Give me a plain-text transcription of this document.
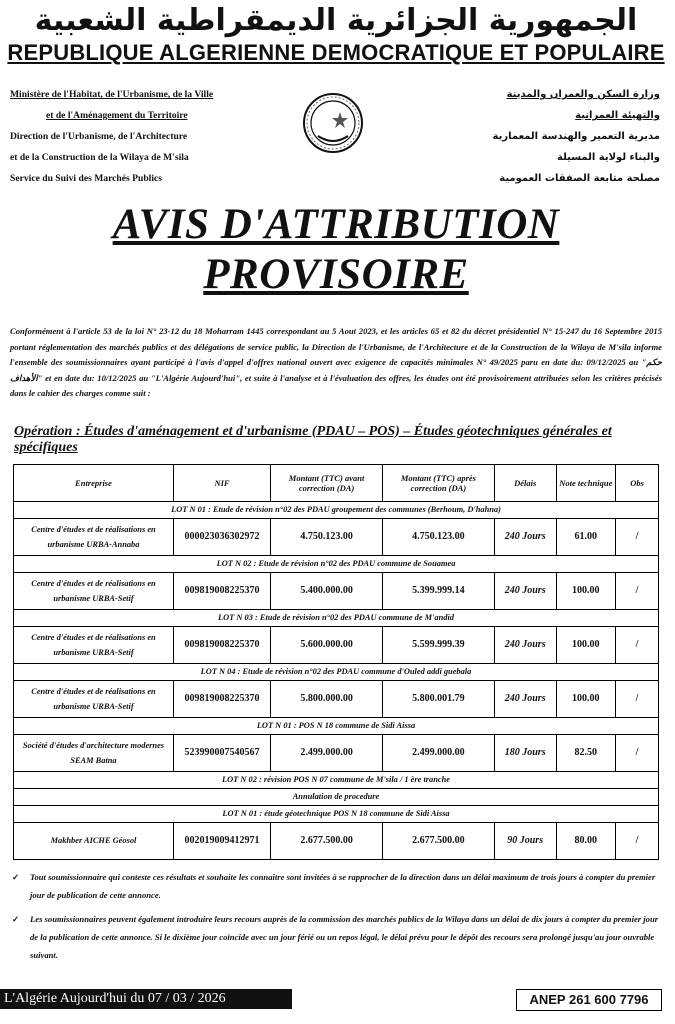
الجمهورية الجزائرية الديمقراطية الشعبية
REPUBLIQUE ALGERIENNE DEMOCRATIQUE ET POPULAIRE
Ministère de l'Habitat, de l'Urbanisme, de la Ville
et de l'Aménagement du Territoire
Direction de l'Urbanisme, de l'Architecture
et de la Construction de la Wilaya de M'sila
Service du Suivi des Marchés Publics
وزارة السكن والعمران والمدينة
والتهيئة العمرانية
مديرية التعمير والهندسة المعمارية
والبناء لولاية المسيلة
مصلحة متابعة الصفقات العمومية
AVIS D'ATTRIBUTION PROVISOIRE
Conformément à l'article 53 de la loi N° 23-12 du 18 Moharram 1445 correspondant au 5 Aout 2023, et les articles 65 et 82 du décret présidentiel N° 15-247 du 16 Septembre 2015 portant réglementation des marchés publics et des délégations de service public, la Direction de l'Urbanisme, de l'Architecture et de la Construction de la Wilaya de M'sila informe l'ensemble des soumissionnaires ayant participé à l'avis d'appel d'offres national ouvert avec exigence de capacités minimales N° 49/2025 paru en date du: 09/12/2025 au "حكم الأهداف" et en date du: 10/12/2025 au "L'Algérie Aujourd'hui", et suite à l'analyse et à l'évaluation des offres, les études ont été provisoirement attribuées selon les critères précisés dans le cahier des charges comme suit :
Opération : Études d'aménagement et d'urbanisme (PDAU – POS) – Études géotechniques générales et spécifiques
Entreprise	NIF	Montant (TTC) avant correction (DA)	Montant (TTC) après correction (DA)	Délais	Note technique	Obs
LOT N 01 : Etude de révision n°02 des PDAU groupement des communes (Berhoum, D'hahna)						
Centre d'études et de réalisations en urbanisme URBA-Annaba	000023036302972	4.750.123.00	4.750.123.00	240 Jours	61.00	/
LOT N 02 : Etude de révision n°02 des PDAU commune de Souamea						
Centre d'études et de réalisations en urbanisme URBA-Setif	009819008225370	5.400.000.00	5.399.999.14	240 Jours	100.00	/
LOT N 03 : Etude de révision n°02 des PDAU commune de M'andid						
Centre d'études et de réalisations en urbanisme URBA-Setif	009819008225370	5.600.000.00	5.599.999.39	240 Jours	100.00	/
LOT N 04 : Etude de révision n°02 des PDAU commune d'Ouled addi guebala						
Centre d'études et de réalisations en urbanisme URBA-Setif	009819008225370	5.800.000.00	5.800.001.79	240 Jours	100.00	/
LOT N 01 : POS N 18 commune de Sidi Aissa						
Société d'études d'architecture modernes SEAM Batna	523990007540567	2.499.000.00	2.499.000.00	180 Jours	82.50	/
LOT N 02 : révision POS N 07 commune de M'sila / 1 ère tranche						
Annulation de procedure						
LOT N 01 : étude géotechnique POS N 18 commune de Sidi Aissa						
Makhber AICHE Géosol	002019009412971	2.677.500.00	2.677.500.00	90 Jours	80.00	/
✓ Tout soumissionnaire qui conteste ces résultats et souhaite les connaître sont invitées à se rapprocher de la direction dans un délai maximum de trois jours à compter du premier jour de publication de cette annonce.
✓ Les soumissionnaires peuvent également introduire leurs recours auprès de la commission des marchés publics de la Wilaya dans un délai de dix jours à compter du premier jour de la publication de cette annonce. Si le dixième jour coïncide avec un jour férié ou un repos légal, le délai prévu pour le dépôt des recours sera prolongé jusqu'au jour ouvrable suivant.
L'Algérie Aujourd'hui du 07 / 03 / 2026	ANEP 261 600 7796
